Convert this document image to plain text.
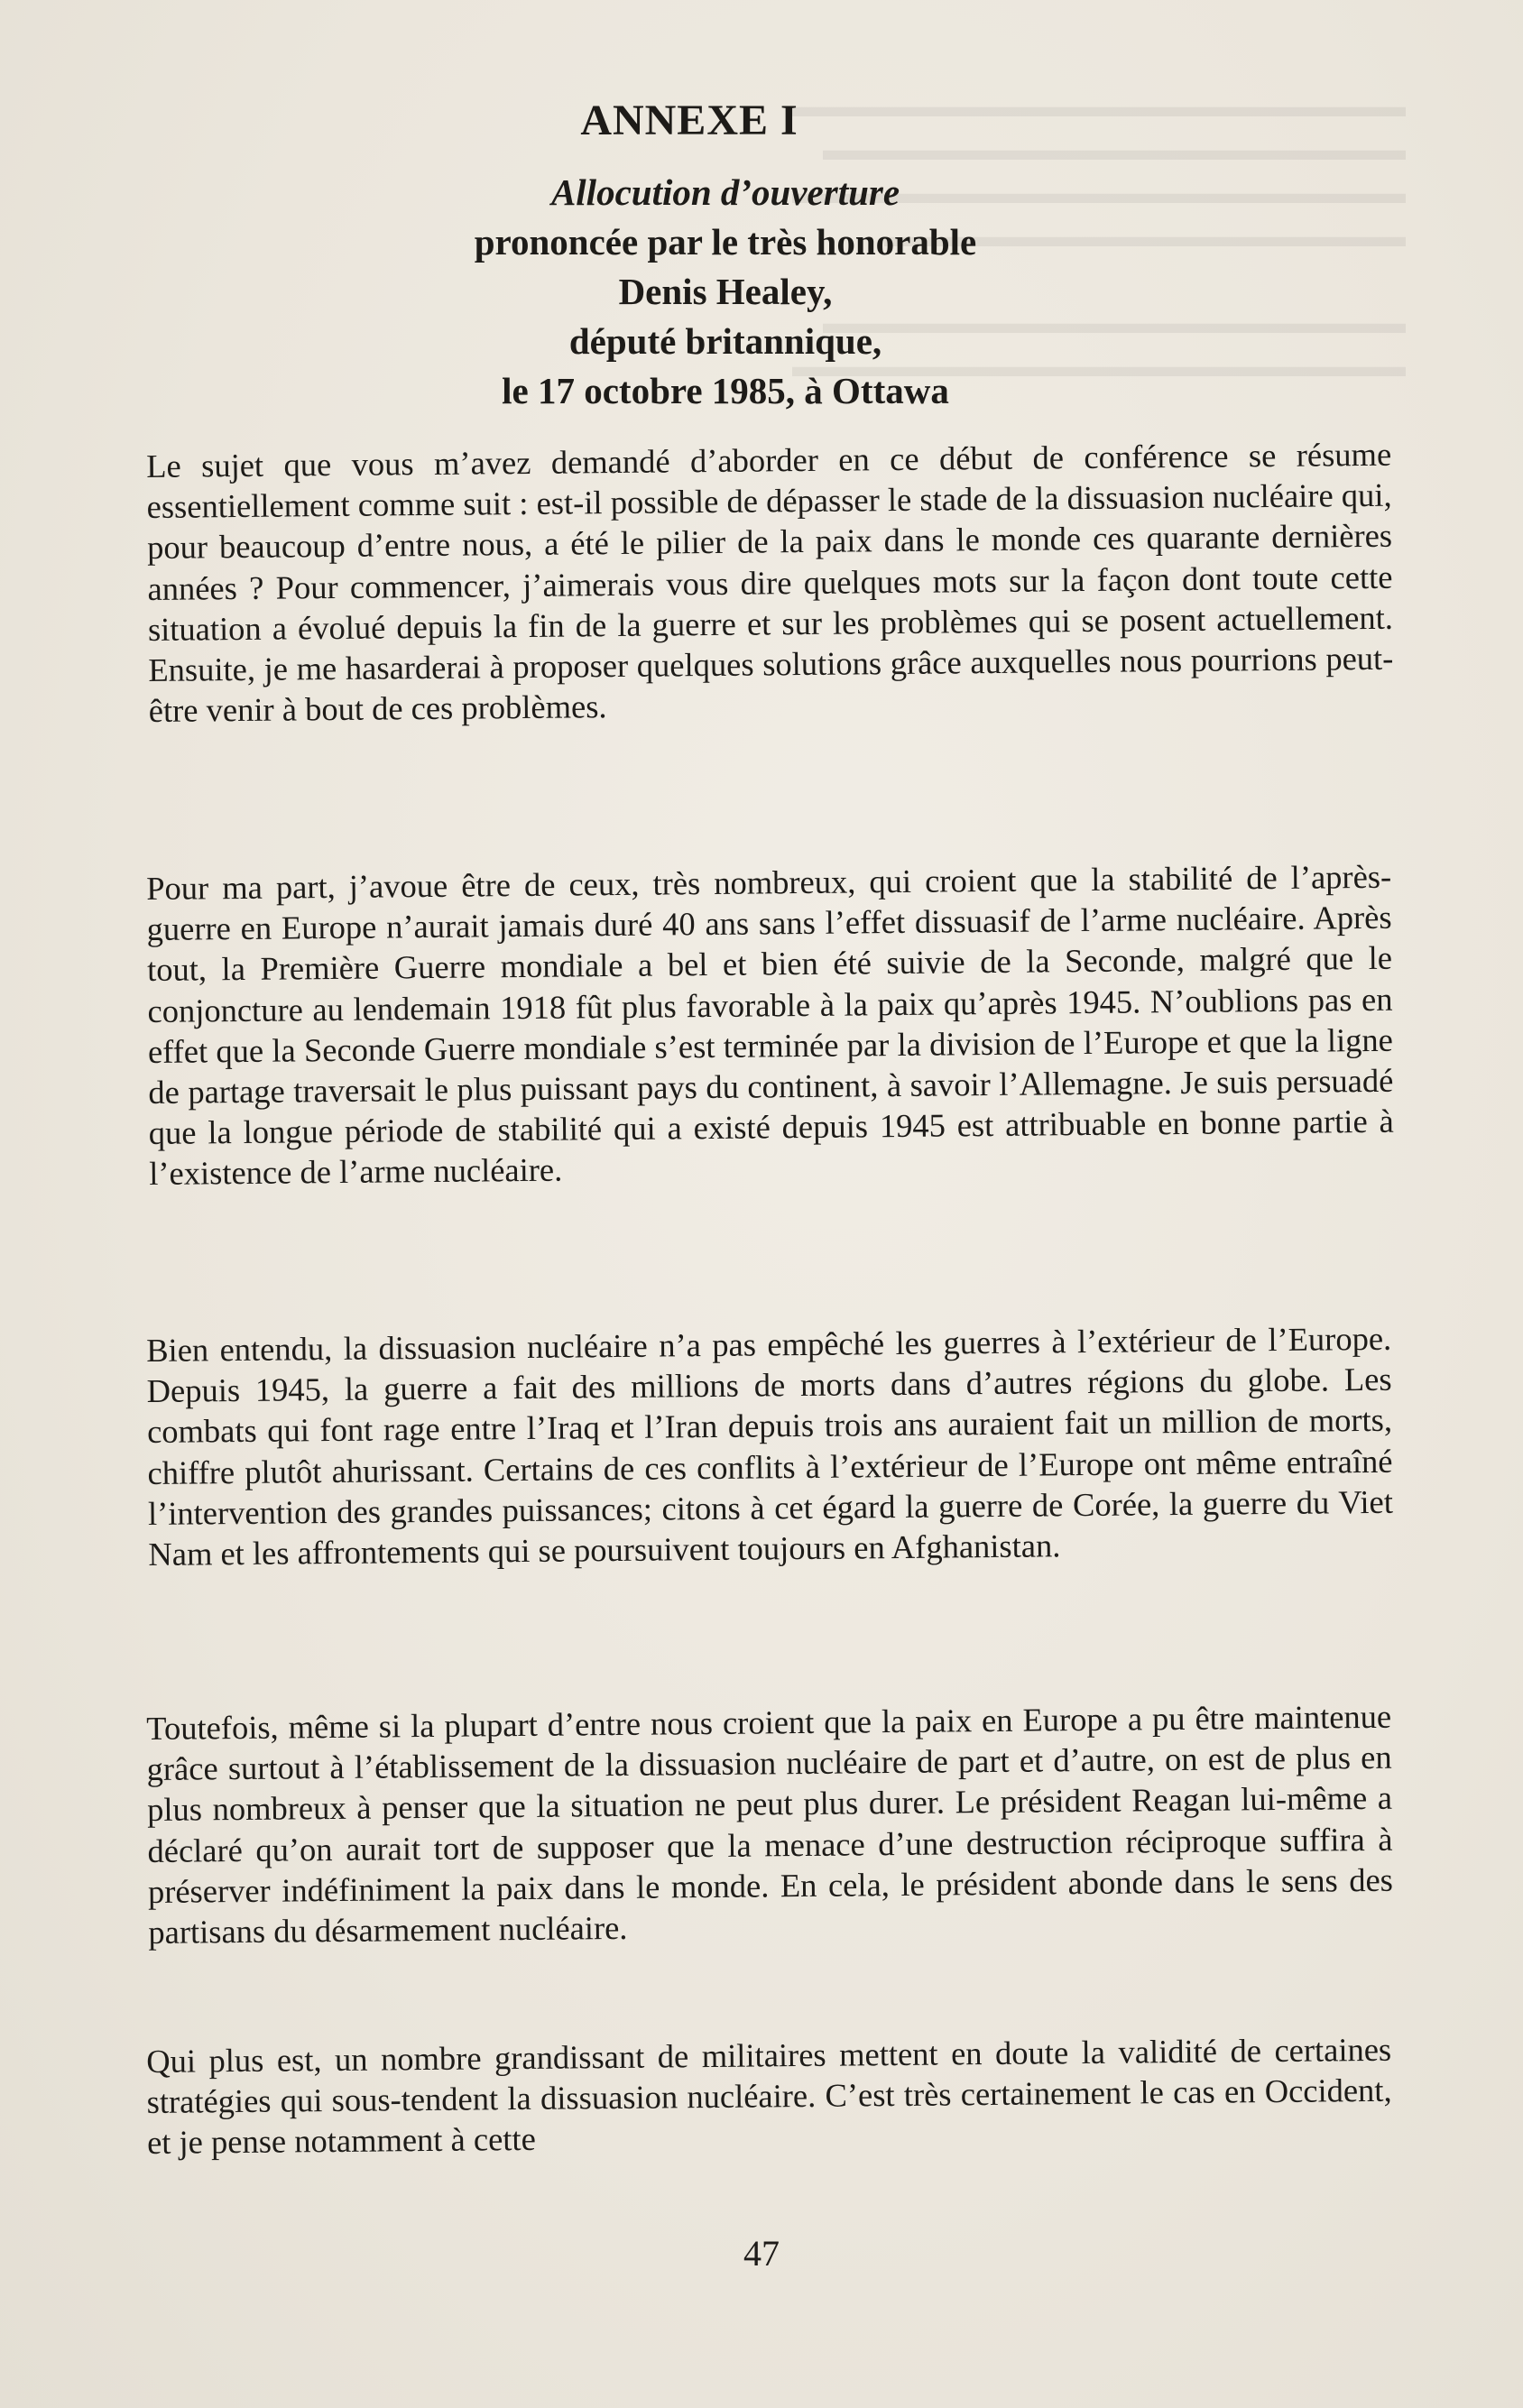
▬▬▬▬▬▬▬▬▬▬▬▬▬▬▬▬▬▬▬▬
▬▬▬▬▬▬▬▬▬▬▬▬▬▬▬▬▬▬▬
▬▬▬▬▬▬▬▬▬▬▬▬▬▬▬▬▬▬▬▬
▬▬▬▬▬▬▬▬▬▬▬▬▬▬▬▬▬

▬▬▬▬▬▬▬▬▬▬▬▬▬▬▬▬▬▬▬
▬▬▬▬▬▬▬▬▬▬▬▬▬▬▬▬▬▬▬▬
ANNEXE I
Allocution d’ouverture
prononcée par le très honorable
Denis Healey,
député britannique,
le 17 octobre 1985, à Ottawa

Le sujet que vous m’avez demandé d’aborder en ce début de conférence se résume essentiellement comme suit : est-il possible de dépasser le stade de la dissuasion nucléaire qui, pour beaucoup d’entre nous, a été le pilier de la paix dans le monde ces quarante dernières années ? Pour commencer, j’aimerais vous dire quelques mots sur la façon dont toute cette situation a évolué depuis la fin de la guerre et sur les problèmes qui se posent actuellement. Ensuite, je me hasarderai à proposer quelques solutions grâce auxquelles nous pourrions peut-être venir à bout de ces problèmes.

Pour ma part, j’avoue être de ceux, très nombreux, qui croient que la stabilité de l’après-guerre en Europe n’aurait jamais duré 40 ans sans l’effet dissuasif de l’arme nucléaire. Après tout, la Première Guerre mondiale a bel et bien été suivie de la Seconde, malgré que le conjoncture au lendemain 1918 fût plus favorable à la paix qu’après 1945. N’oublions pas en effet que la Seconde Guerre mondiale s’est terminée par la division de l’Europe et que la ligne de partage traversait le plus puissant pays du continent, à savoir l’Allemagne. Je suis persuadé que la longue période de stabilité qui a existé depuis 1945 est attribuable en bonne partie à l’existence de l’arme nucléaire.

Bien entendu, la dissuasion nucléaire n’a pas empêché les guerres à l’extérieur de l’Europe. Depuis 1945, la guerre a fait des millions de morts dans d’autres régions du globe. Les combats qui font rage entre l’Iraq et l’Iran depuis trois ans auraient fait un million de morts, chiffre plutôt ahurissant. Certains de ces conflits à l’extérieur de l’Europe ont même entraîné l’intervention des grandes puissances; citons à cet égard la guerre de Corée, la guerre du Viet Nam et les affrontements qui se poursuivent toujours en Afghanistan.

Toutefois, même si la plupart d’entre nous croient que la paix en Europe a pu être maintenue grâce surtout à l’établissement de la dissuasion nucléaire de part et d’autre, on est de plus en plus nombreux à penser que la situation ne peut plus durer. Le président Reagan lui-même a déclaré qu’on aurait tort de supposer que la menace d’une destruction réciproque suffira à préserver indéfiniment la paix dans le monde. En cela, le président abonde dans le sens des partisans du désarmement nucléaire.

Qui plus est, un nombre grandissant de militaires mettent en doute la validité de certaines stratégies qui sous-tendent la dissuasion nucléaire. C’est très certainement le cas en Occident, et je pense notamment à cette

47
